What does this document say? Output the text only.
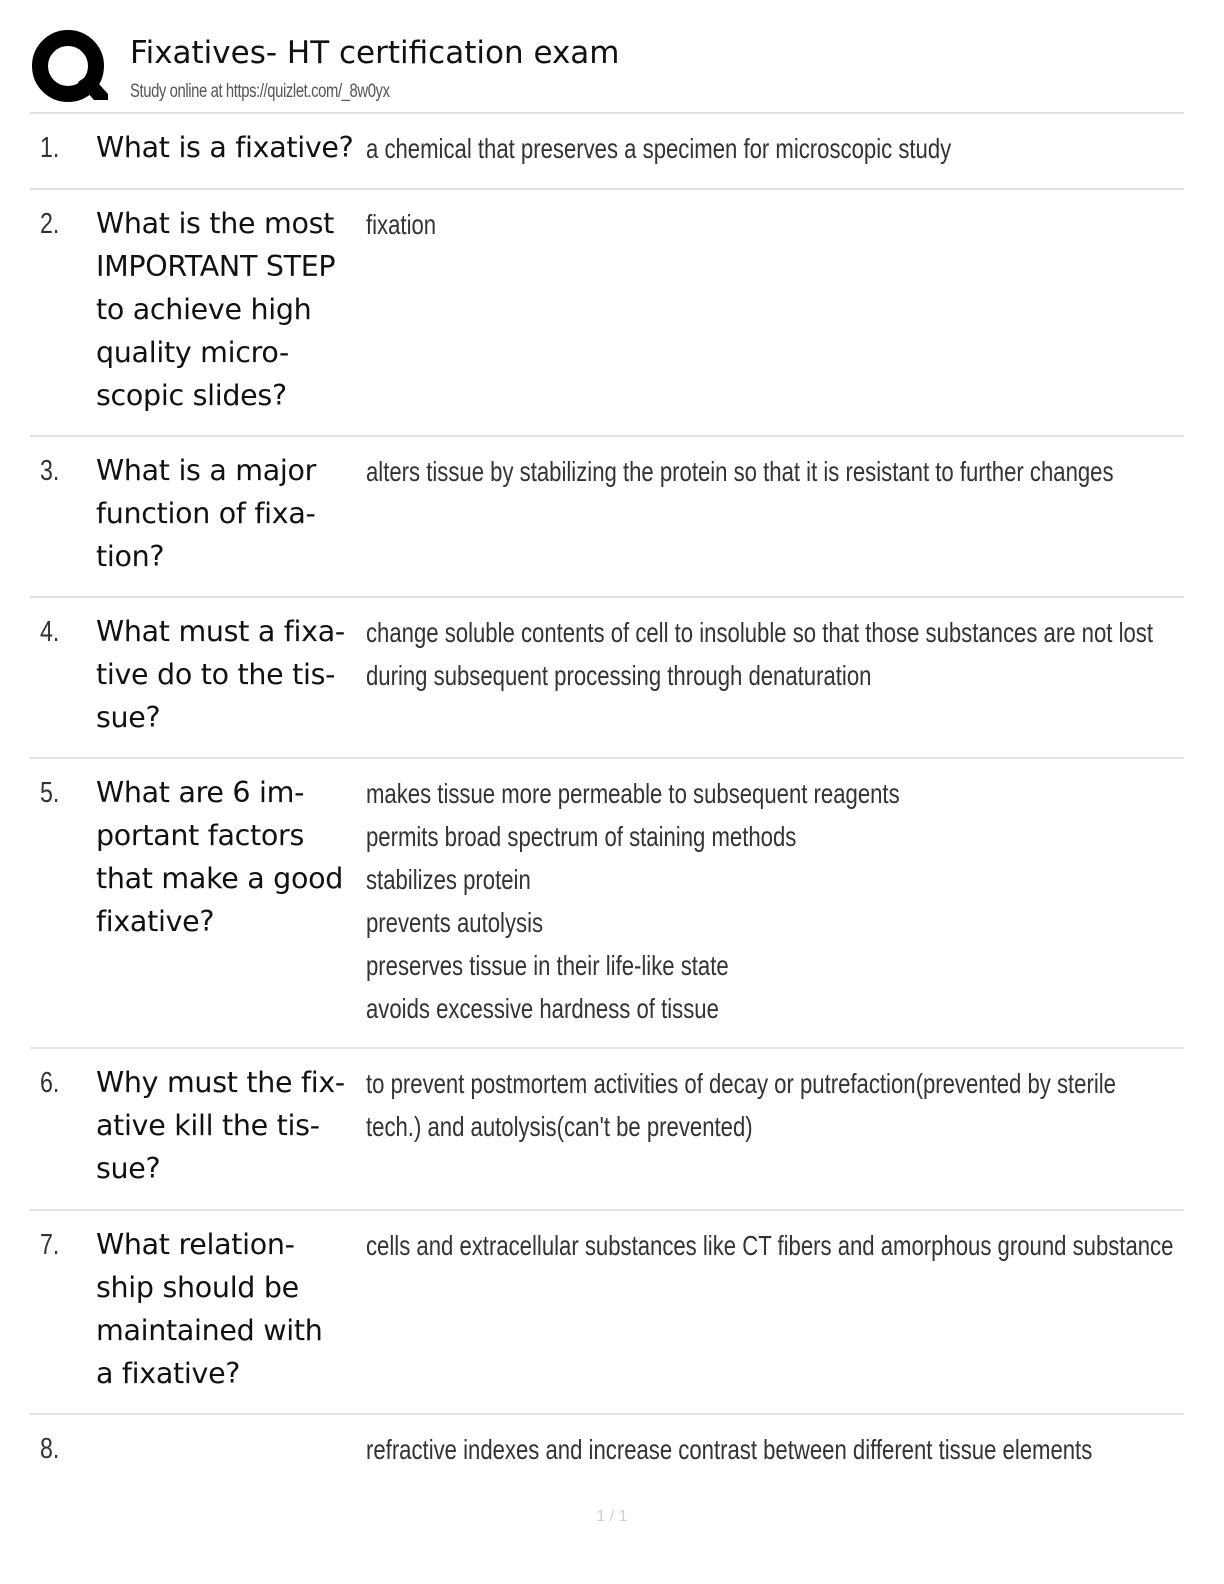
Fixatives- HT certification exam
Study online at https://quizlet.com/_8w0yx
1. What is a fixative? a chemical that preserves a specimen for microscopic study
2. What is the most
IMPORTANT STEP
to achieve high
quality micro-
scopic slides?
fixation
3. What is a major
function of fixa-
tion?
alters tissue by stabilizing the protein so that it is resistant to further changes
4. What must a fixa-
tive do to the tis-
sue?
change soluble contents of cell to insoluble so that those substances are not lost
during subsequent processing through denaturation
5. What are 6 im-
portant factors
that make a good
fixative?
makes tissue more permeable to subsequent reagents
permits broad spectrum of staining methods
stabilizes protein
prevents autolysis
preserves tissue in their life-like state
avoids excessive hardness of tissue
6. Why must the fix-
ative kill the tis-
sue?
to prevent postmortem activities of decay or putrefaction(prevented by sterile
tech.) and autolysis(can't be prevented)
7. What relation-
ship should be
maintained with
a fixative?
cells and extracellular substances like CT fibers and amorphous ground substance
8.	refractive indexes and increase contrast between different tissue elements
1 / 1
